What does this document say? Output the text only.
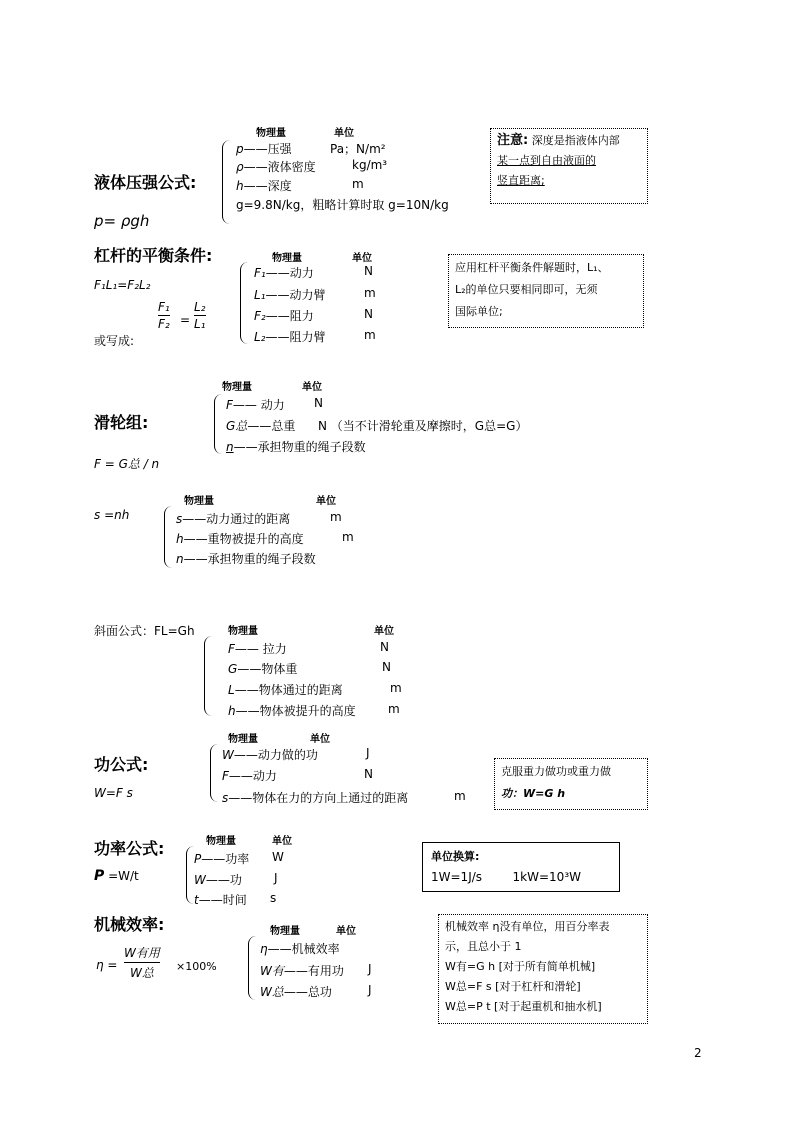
物理量	单位
液体压强公式:
p= ρgh
p——压强	Pa；N/m²
ρ——液体密度	kg/m³
h——深度	m
g=9.8N/kg，粗略计算时取 g=10N/kg
注意: 深度是指液体内部
某一点到自由液面的
竖直距离;
杠杆的平衡条件:	物理量	单位
F₁L₁=F₂L₂
或写成:
F₁
F₂ =
L₂
L₁
F₁——动力	N
L₁——动力臂	m
F₂——阻力	N
L₂——阻力臂	m
应用杠杆平衡条件解题时，L₁、
L₂的单位只要相同即可，无须
国际单位;
物理量	单位
滑轮组:
F = G总 / n
F—— 动力 N
G总——总重 N （当不计滑轮重及摩擦时，G总=G）
n——承担物重的绳子段数
物理量	单位
s =nh	s——动力通过的距离	m
h——重物被提升的高度	m
n——承担物重的绳子段数
斜面公式：FL=Gh	物理量	单位
F—— 拉力	N
G——物体重	N
L——物体通过的距离	m
h——物体被提升的高度	m
物理量	单位
功公式:
W=F s
W——动力做的功	J
F——动力	N
s——物体在力的方向上通过的距离	m
克服重力做功或重力做
功：W=G h
物理量	单位
功率公式:
P =W/t
P——功率 W
W——功	J
t——时间 s
单位换算:
1W=1J/s        1kW=10³W
机械效率:	物理量	单位
η =
W有用
W总 ×100%
η——机械效率
W有——有用功 J
W总——总功	J
机械效率 η没有单位，用百分率表
示，且总小于 1
W有=G h [对于所有简单机械]
W总=F s [对于杠杆和滑轮]
W总=P t [对于起重机和抽水机]
2
